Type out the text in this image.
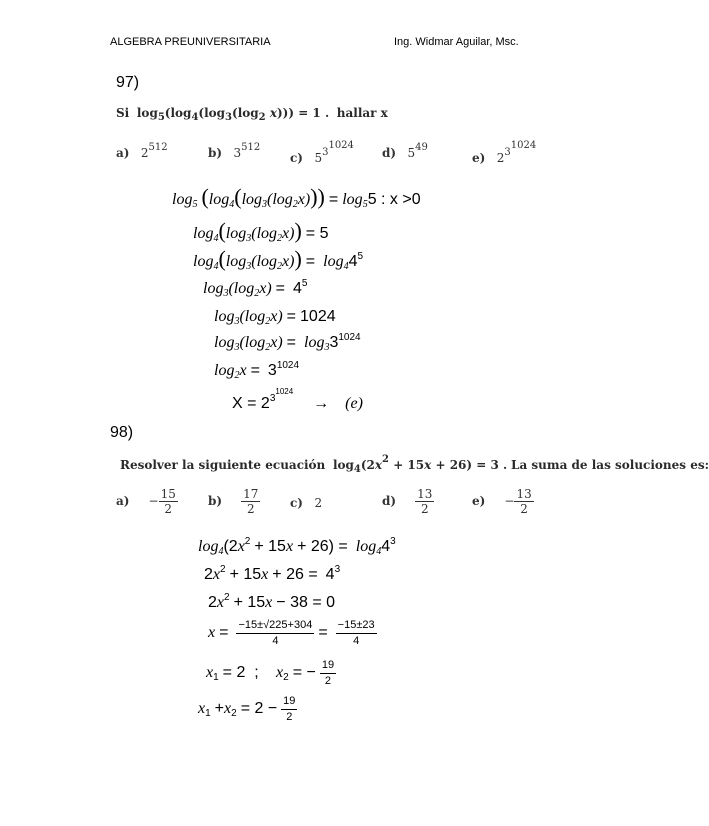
ALGEBRA PREUNIVERSITARIA	Ing. Widmar Aguilar, Msc.
97)
Si $\log_5(\log_4(\log_3(\log_2$ x))) = 1 . hallar x
a) $2^{512}$	b) $3^{512}$
c) $5^{3^{1024}}$
d) $5^{49}$
e) $2^{3^{1024}}$
$\log_5 (\log_4(\log_3(\log_2x))) = \log_55$ : x >0
$\log_4(\log_3(\log_2x)) = 5$
$\log_4(\log_3(\log_2x)) = \log_44^5$
$\log_3(\log_2x) = 4^5$
$\log_3(\log_2x) = 1024$
$\log_3(\log_2x) = \log_33^{1024}$
$\log_2x = 3^{1024}$
$X = 2^{3^{1024}}$     → (e)
98)
Resolver la siguiente ecuación $\log_4(2x^2 + 15x + 26) = 3$ . La suma de las soluciones es:
$a) - \frac{15}{2}$	$b) \frac{17}{2} c$) 2	$d) \frac{13}{2}$	$e) - \frac{13}{2}$
$\log_4(2x^2 + 15x + 26) = \log_44^3$
$2x^2 + 15x + 26 = 4^3$
$2x^2 + 15x - 38 = 0$
$x = \frac{-15\pm√225+304}{4} = \frac{-15\pm 23}{4}$
$x_1 = 2$  ;    $x_2$ = − $\frac{19}{2}$
$x_1 +x_2 = 2 - \frac{19}{2}$
